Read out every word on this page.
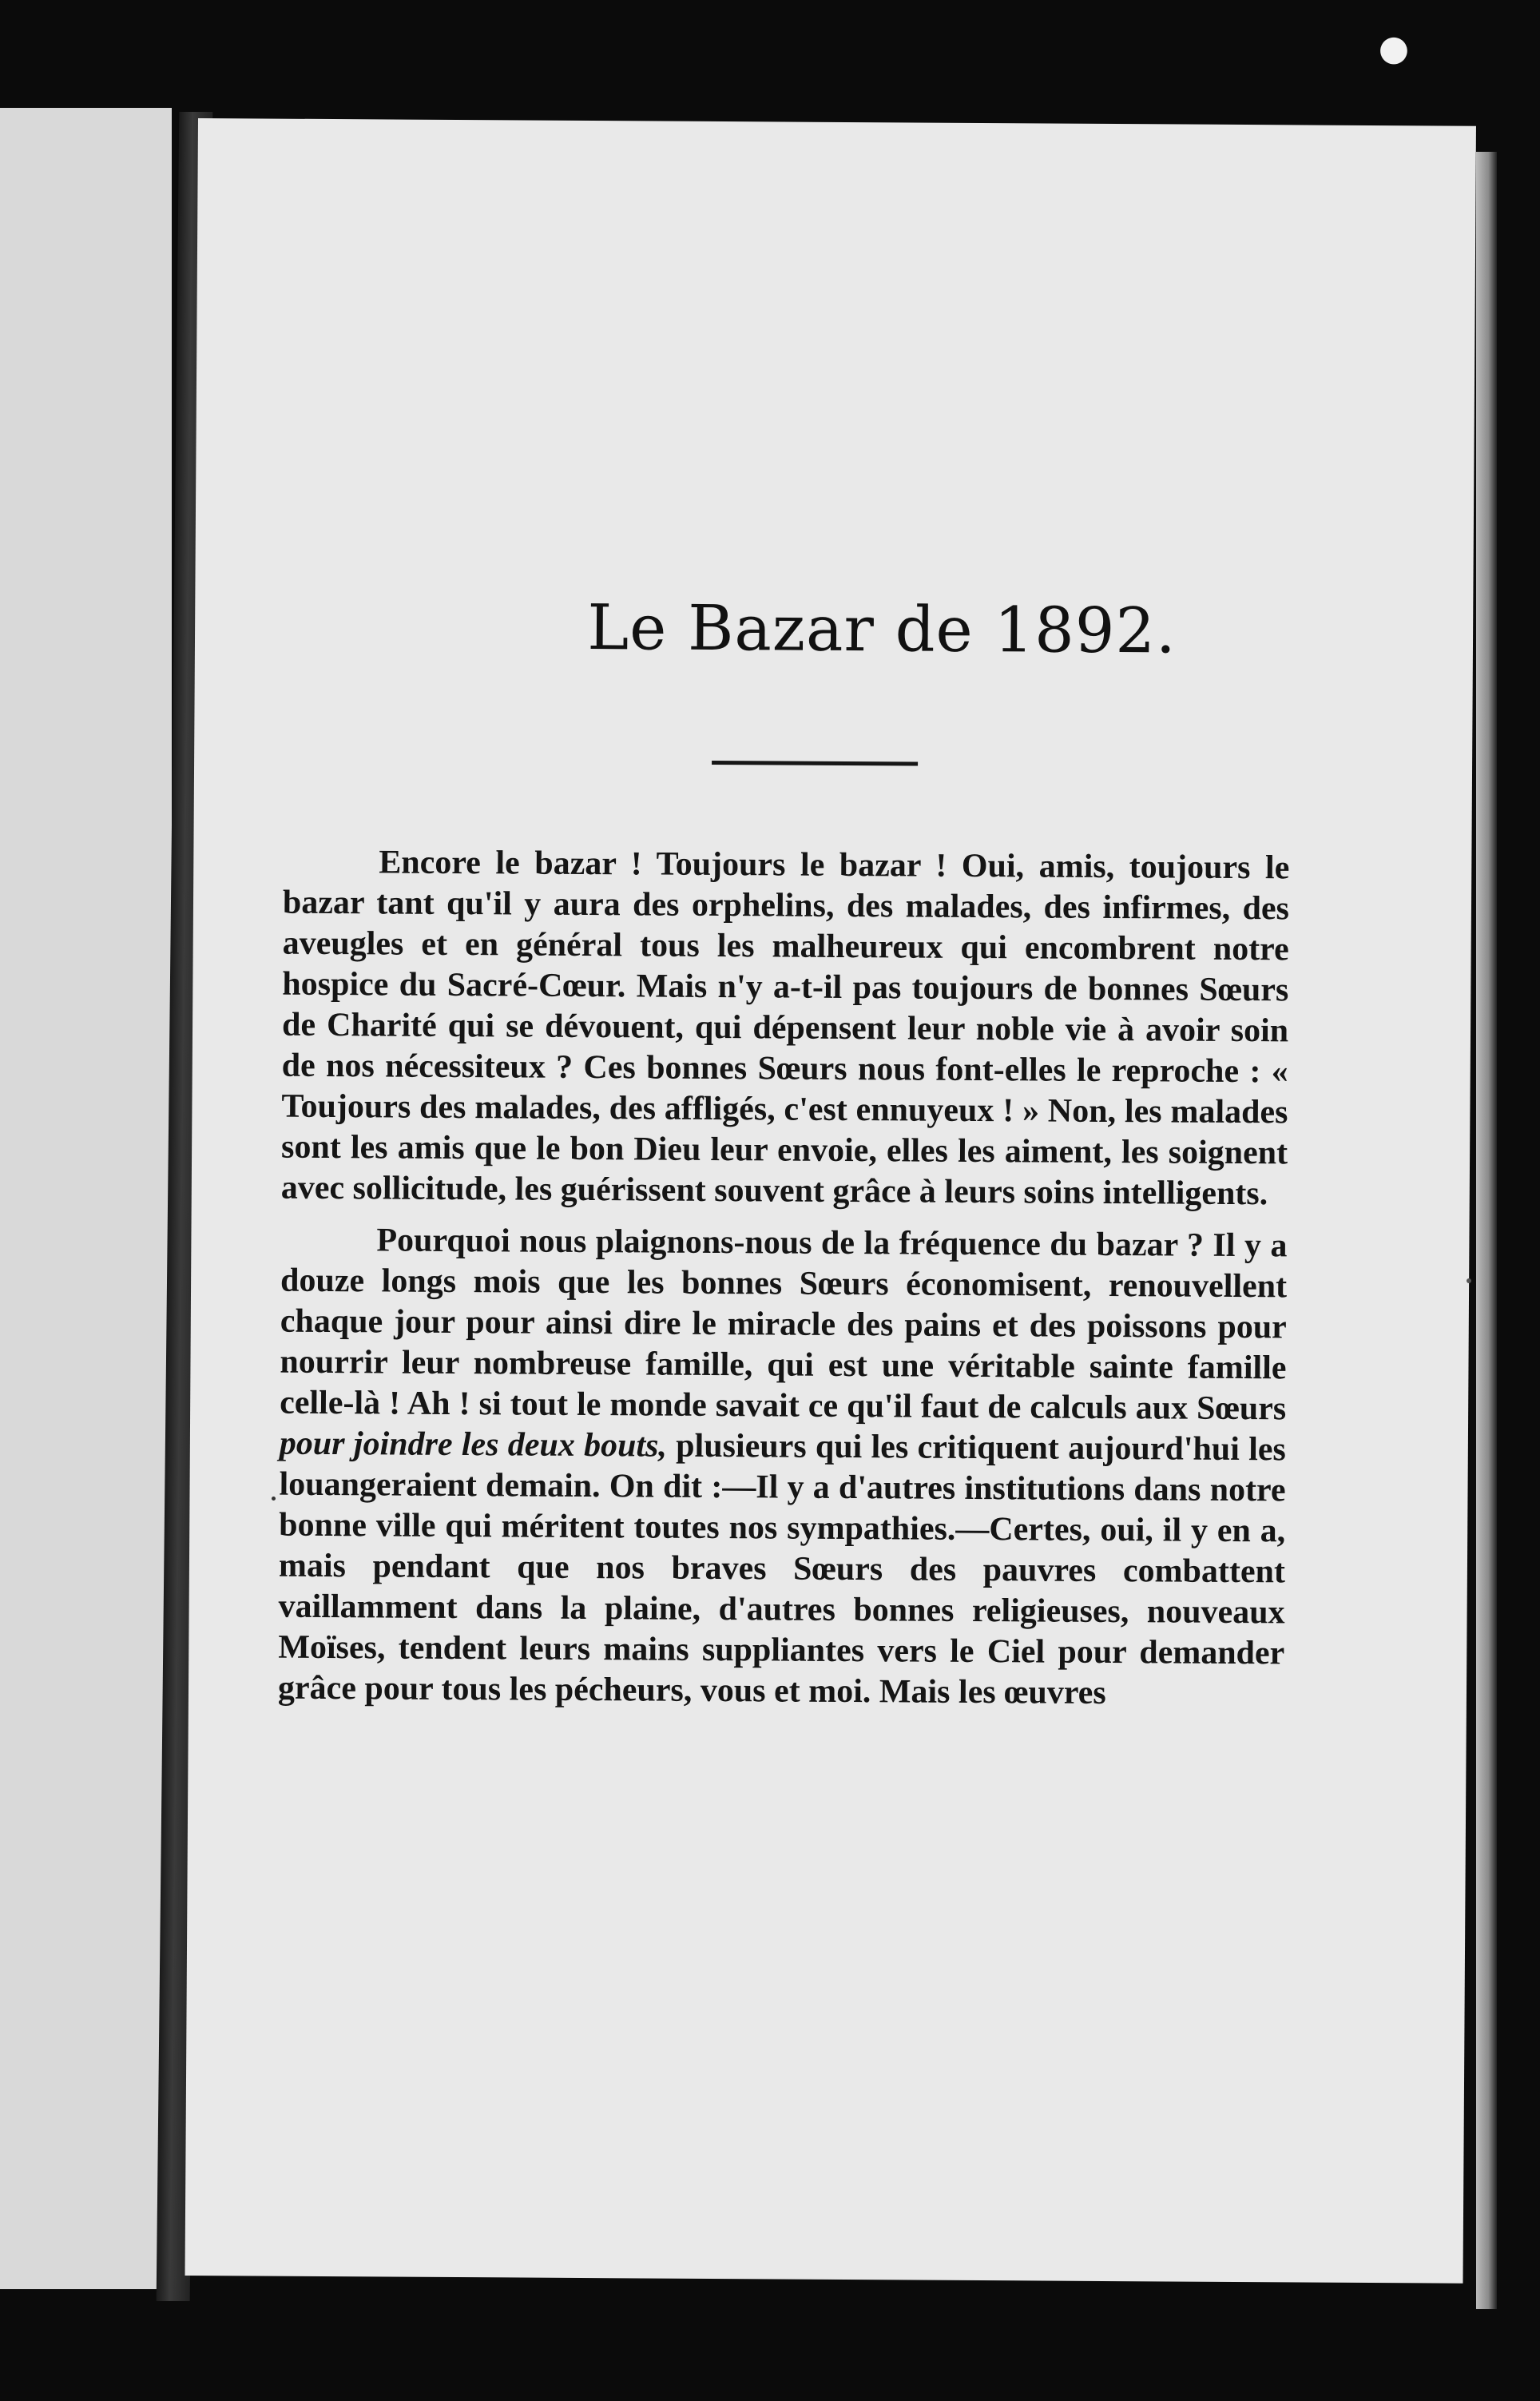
●
Le Bazar de 1892.

Encore le bazar ! Toujours le bazar ! Oui, amis, toujours le bazar tant qu'il y aura des orphelins, des malades, des infirmes, des aveugles et en général tous les malheureux qui encombrent notre hospice du Sacré-Cœur. Mais n'y a-t-il pas toujours de bonnes Sœurs de Charité qui se dévouent, qui dépensent leur noble vie à avoir soin de nos nécessiteux ? Ces bonnes Sœurs nous font-elles le reproche : « Toujours des malades, des affligés, c'est ennuyeux ! » Non, les malades sont les amis que le bon Dieu leur envoie, elles les aiment, les soignent avec sollicitude, les guérissent souvent grâce à leurs soins intelligents.

Pourquoi nous plaignons-nous de la fréquence du bazar ? Il y a douze longs mois que les bonnes Sœurs économisent, renouvellent chaque jour pour ainsi dire le miracle des pains et des poissons pour nourrir leur nombreuse famille, qui est une véritable sainte famille celle-là ! Ah ! si tout le monde savait ce qu'il faut de calculs aux Sœurs pour joindre les deux bouts, plusieurs qui les critiquent aujourd'hui les louangeraient demain. On dit :—Il y a d'autres institutions dans notre bonne ville qui méritent toutes nos sympathies.—Certes, oui, il y en a, mais pendant que nos braves Sœurs des pauvres combattent vaillamment dans la plaine, d'autres bonnes religieuses, nouveaux Moïses, tendent leurs mains suppliantes vers le Ciel pour demander grâce pour tous les pécheurs, vous et moi. Mais les œuvres
